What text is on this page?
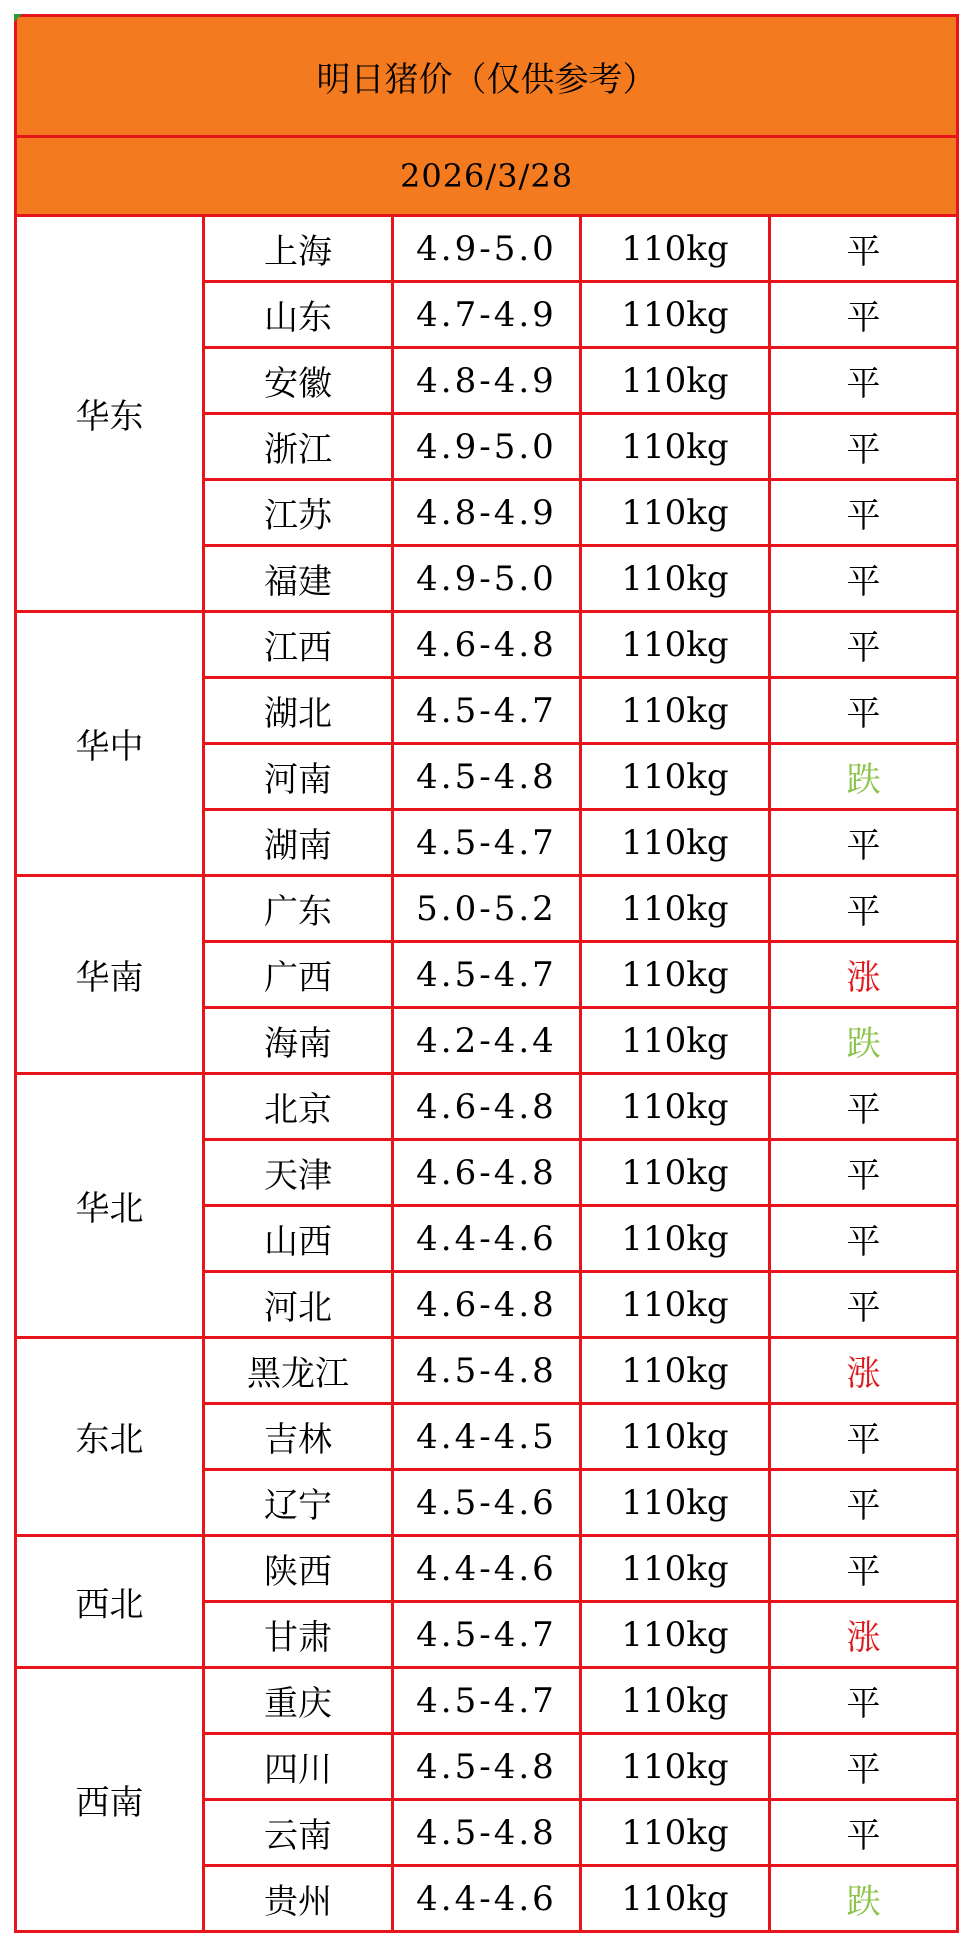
明日猪价（仅供参考）				
2026/3/28				
华东	上海	4.9-5.0	110kg	平
	山东	4.7-4.9	110kg	平
	安徽	4.8-4.9	110kg	平
	浙江	4.9-5.0	110kg	平
	江苏	4.8-4.9	110kg	平
	福建	4.9-5.0	110kg	平
华中	江西	4.6-4.8	110kg	平
	湖北	4.5-4.7	110kg	平
	河南	4.5-4.8	110kg	跌
	湖南	4.5-4.7	110kg	平
华南	广东	5.0-5.2	110kg	平
	广西	4.5-4.7	110kg	涨
	海南	4.2-4.4	110kg	跌
华北	北京	4.6-4.8	110kg	平
	天津	4.6-4.8	110kg	平
	山西	4.4-4.6	110kg	平
	河北	4.6-4.8	110kg	平
东北	黑龙江	4.5-4.8	110kg	涨
	吉林	4.4-4.5	110kg	平
	辽宁	4.5-4.6	110kg	平
西北	陕西	4.4-4.6	110kg	平
	甘肃	4.5-4.7	110kg	涨
西南	重庆	4.5-4.7	110kg	平
	四川	4.5-4.8	110kg	平
	云南	4.5-4.8	110kg	平
	贵州	4.4-4.6	110kg	跌
